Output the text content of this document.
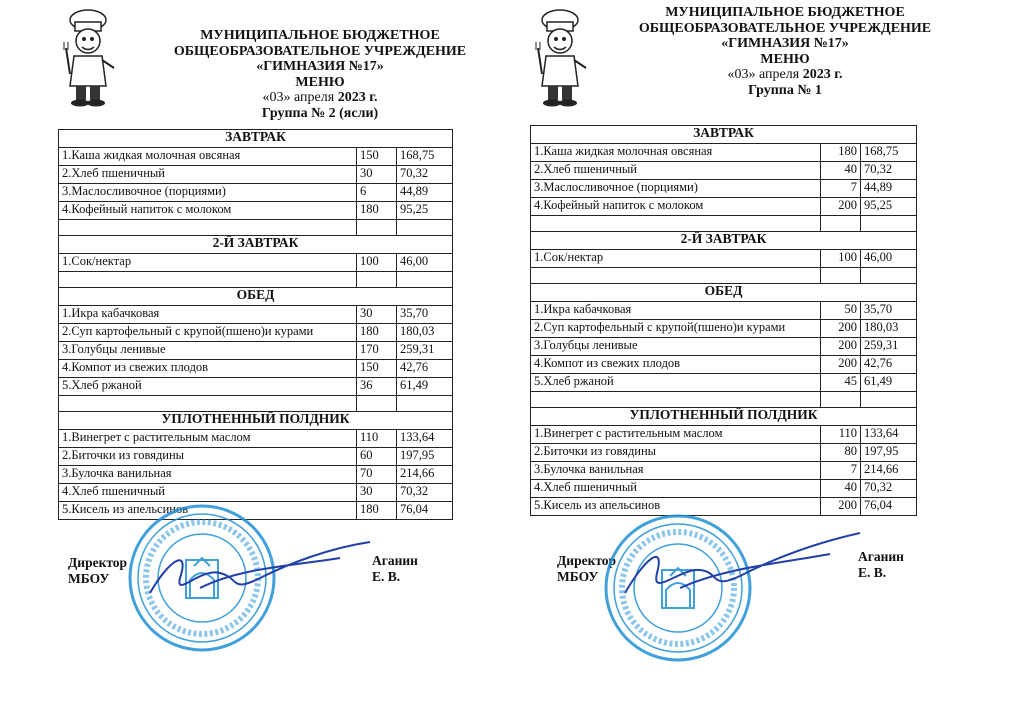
МУНИЦИПАЛЬНОЕ БЮДЖЕТНОЕ
ОБЩЕОБРАЗОВАТЕЛЬНОЕ УЧРЕЖДЕНИЕ
«ГИМНАЗИЯ №17»
МЕНЮ
«03» апреля 2023 г.
Группа № 2 (ясли)
ЗАВТРАК		
1.Каша жидкая молочная овсяная	150	168,75
2.Хлеб пшеничный	30	70,32
3.Маслосливочное (порциями)	6	44,89
4.Кофейный напиток с молоком	180	95,25

2-Й ЗАВТРАК		
1.Сок/нектар	100	46,00

ОБЕД		
1.Икра кабачковая	30	35,70
2.Суп картофельный с крупой(пшено)и курами	180	180,03
3.Голубцы ленивые	170	259,31
4.Компот из свежих плодов	150	42,76
5.Хлеб ржаной	36	61,49

УПЛОТНЕННЫЙ ПОЛДНИК		
1.Винегрет с растительным маслом	110	133,64
2.Биточки из говядины	60	197,95
3.Булочка ванильная	70	214,66
4.Хлеб пшеничный	30	70,32
5.Кисель из апельсинов	180	76,04
Директор МБОУ
Аганин Е. В.
МУНИЦИПАЛЬНОЕ БЮДЖЕТНОЕ
ОБЩЕОБРАЗОВАТЕЛЬНОЕ УЧРЕЖДЕНИЕ
«ГИМНАЗИЯ №17»
МЕНЮ
«03» апреля 2023 г.
Группа № 1
ЗАВТРАК		
1.Каша жидкая молочная овсяная	180	168,75
2.Хлеб пшеничный	40	70,32
3.Маслосливочное (порциями)	7	44,89
4.Кофейный напиток с молоком	200	95,25

2-Й ЗАВТРАК		
1.Сок/нектар	100	46,00

ОБЕД		
1.Икра кабачковая	50	35,70
2.Суп картофельный с крупой(пшено)и курами	200	180,03
3.Голубцы ленивые	200	259,31
4.Компот из свежих плодов	200	42,76
5.Хлеб ржаной	45	61,49

УПЛОТНЕННЫЙ ПОЛДНИК		
1.Винегрет с растительным маслом	110	133,64
2.Биточки из говядины	80	197,95
3.Булочка ванильная	7	214,66
4.Хлеб пшеничный	40	70,32
5.Кисель из апельсинов	200	76,04
Директор МБОУ
Аганин Е. В.
